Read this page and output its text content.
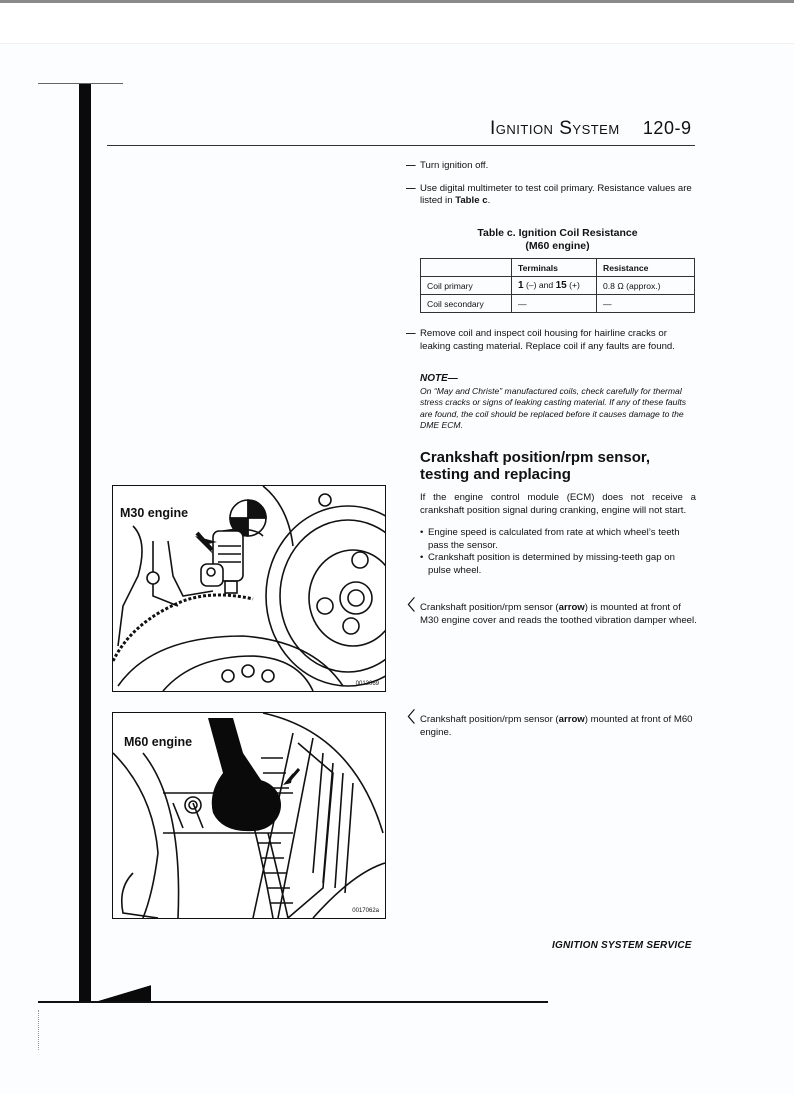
Ignition System 120-9
— Turn ignition off.
— Use digital multimeter to test coil primary. Resistance values are listed in Table c.
Table c. Ignition Coil Resistance
(M60 engine)
	Terminals	Resistance
Coil primary	1 (–) and 15 (+)	0.8 Ω (approx.)
Coil secondary	—	—
— Remove coil and inspect coil housing for hairline cracks or leaking casting material. Replace coil if any faults are found.
NOTE—
On “May and Christe” manufactured coils, check carefully for thermal stress cracks or signs of leaking casting material. If any of these faults are found, the coil should be replaced before it causes damage to the DME ECM.
Crankshaft position/rpm sensor,
testing and replacing
If the engine control module (ECM) does not receive a crankshaft position signal during cranking, engine will not start.
• Engine speed is calculated from rate at which wheel’s teeth pass the sensor.
• Crankshaft position is determined by missing-teeth gap on pulse wheel.
〈 Crankshaft position/rpm sensor (arrow) is mounted at front of M30 engine cover and reads the toothed vibration damper wheel.
〈 Crankshaft position/rpm sensor (arrow) mounted at front of M60 engine.
M30 engine
0013069
M60 engine
0017062a
IGNITION SYSTEM SERVICE
